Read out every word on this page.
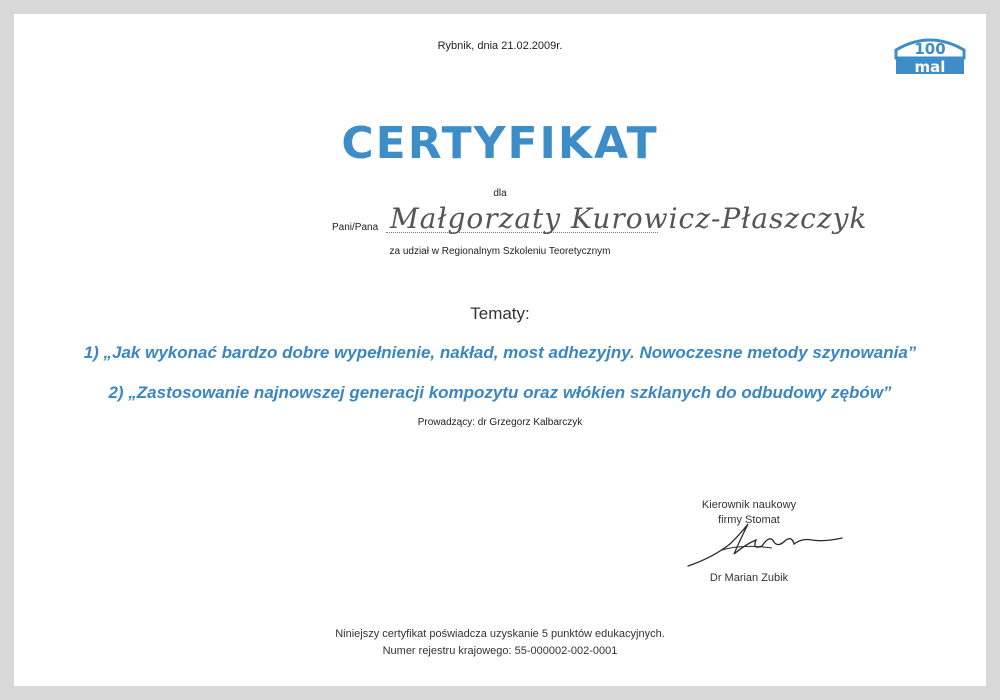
Rybnik, dnia 21.02.2009r.	100
mal
CERTYFIKAT
dla
Pani/Pana Małgorzaty Kurowicz-Płaszczyk
za udział w Regionalnym Szkoleniu Teoretycznym
Tematy:
1) „Jak wykonać bardzo dobre wypełnienie, nakład, most adhezyjny. Nowoczesne metody szynowania”
2) „Zastosowanie najnowszej generacji kompozytu oraz włókien szklanych do odbudowy zębów”
Prowadzący: dr Grzegorz Kalbarczyk
Kierownik naukowy
firmy Stomat
Dr Marian Zubik
Niniejszy certyfikat poświadcza uzyskanie 5 punktów edukacyjnych.
Numer rejestru krajowego: 55-000002-002-0001
